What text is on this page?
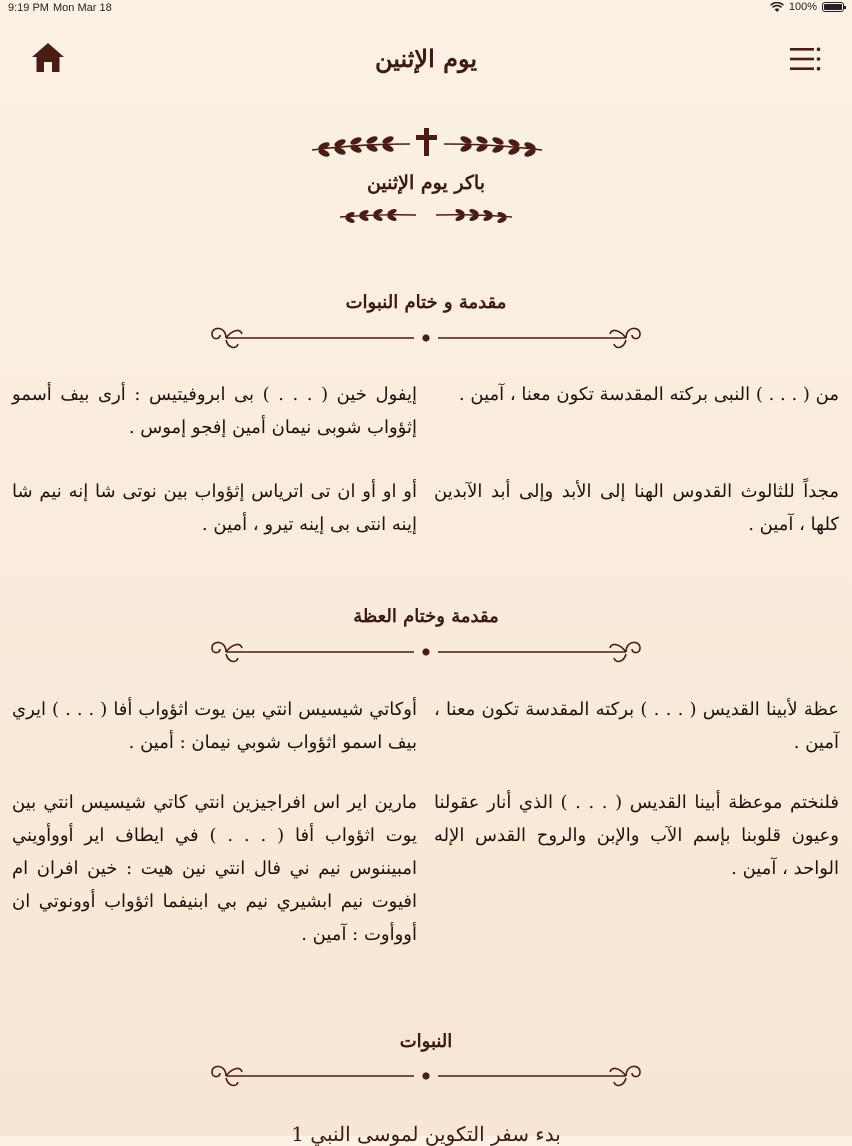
9:19 PM Mon Mar 18	100%
يوم الإثنين
باكر يوم الإثنين
مقدمة و ختام النبوات
من ( . . . ) النبى بركته المقدسة تكون معنا ، آمين .
إيفول خين ( . . . ) بى ابروفيتيس : أرى بيف أسمو إثؤواب شوبى نيمان أمين إفجو إموس .
مجداً للثالوث القدوس الهنا إلى الأبد وإلى أبد الآبدين كلها ، آمين .
أو او أو ان تى اترياس إثؤواب بين نوتى شا إنه نيم شا إينه انتى بى إينه تيرو ، أمين .
مقدمة وختام العظة
عظة لأبينا القديس ( . . . ) بركته المقدسة تكون معنا ، آمين .
أوكاتي شيسيس انتي بين يوت اثؤواب أفا ( . . . ) ايري بيف اسمو اثؤواب شوبي نيمان : أمين .
فلنختم موعظة أبينا القديس ( . . . ) الذي أنار عقولنا وعيون قلوبنا بإسم الآب والإبن والروح القدس الإله الواحد ، آمين .
مارين اير اس افراجيزين انتي كاتي شيسيس انتي بين يوت اثؤواب أفا ( . . . ) في ايطاف اير أووأويني امبيننوس نيم ني فال انتي نين هيت : خين افران ام افيوت نيم ابشيري نيم بي ابنيفما اثؤواب أوونوتي ان أووأوت : آمين .
النبوات
بدء سفر التكوين لموسى النبي 1
